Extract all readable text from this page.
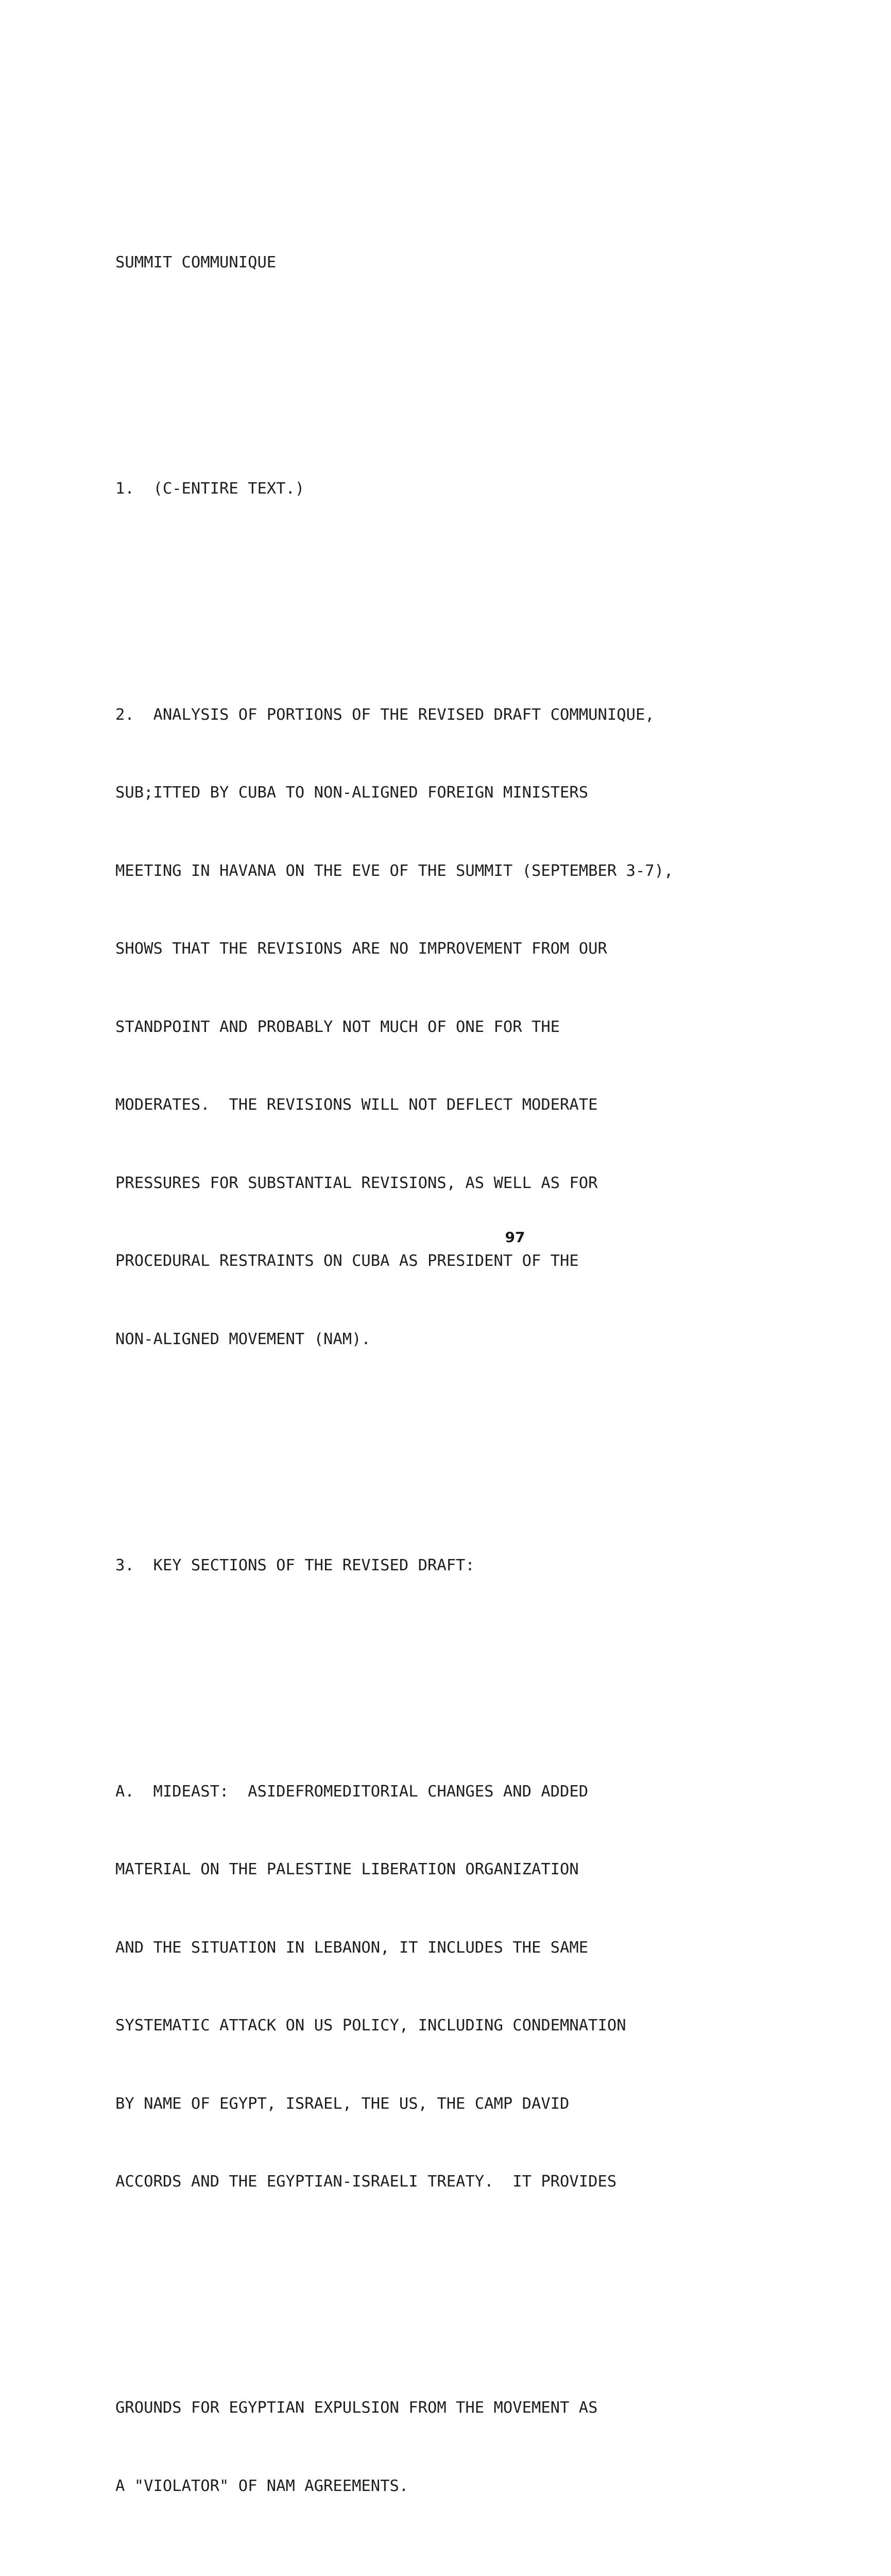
SUMMIT COMMUNIQUE

1.  (C-ENTIRE TEXT.)

2.  ANALYSIS OF PORTIONS OF THE REVISED DRAFT COMMUNIQUE,

SUB;ITTED BY CUBA TO NON-ALIGNED FOREIGN MINISTERS

MEETING IN HAVANA ON THE EVE OF THE SUMMIT (SEPTEMBER 3-7),

SHOWS THAT THE REVISIONS ARE NO IMPROVEMENT FROM OUR

STANDPOINT AND PROBABLY NOT MUCH OF ONE FOR THE

MODERATES.  THE REVISIONS WILL NOT DEFLECT MODERATE

PRESSURES FOR SUBSTANTIAL REVISIONS, AS WELL AS FOR

PROCEDURAL RESTRAINTS ON CUBA AS PRESIDENT OF THE

NON-ALIGNED MOVEMENT (NAM).

3.  KEY SECTIONS OF THE REVISED DRAFT:

A.  MIDEAST:  ASIDEFROMEDITORIAL CHANGES AND ADDED

MATERIAL ON THE PALESTINE LIBERATION ORGANIZATION

AND THE SITUATION IN LEBANON, IT INCLUDES THE SAME

SYSTEMATIC ATTACK ON US POLICY, INCLUDING CONDEMNATION

BY NAME OF EGYPT, ISRAEL, THE US, THE CAMP DAVID

ACCORDS AND THE EGYPTIAN-ISRAELI TREATY.  IT PROVIDES

GROUNDS FOR EGYPTIAN EXPULSION FROM THE MOVEMENT AS

A "VIOLATOR" OF NAM AGREEMENTS.

97
